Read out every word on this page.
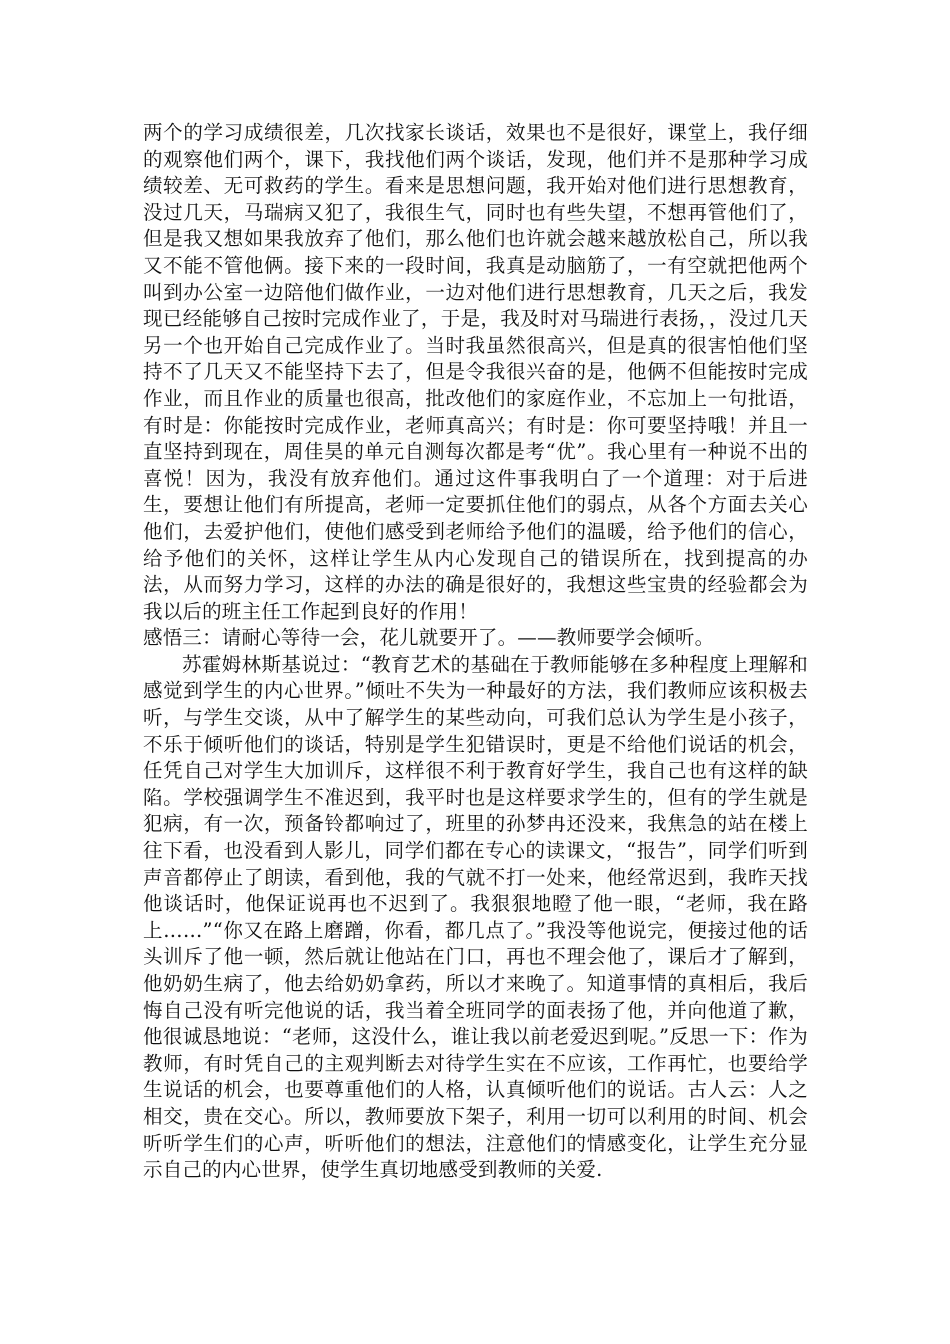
两个的学习成绩很差，几次找家长谈话，效果也不是很好，课堂上，我仔细的观察他们两个，课下，我找他们两个谈话，发现，他们并不是那种学习成绩较差、无可救药的学生。看来是思想问题，我开始对他们进行思想教育，没过几天，马瑞病又犯了，我很生气，同时也有些失望，不想再管他们了，但是我又想如果我放弃了他们，那么他们也许就会越来越放松自己，所以我又不能不管他俩。接下来的一段时间，我真是动脑筋了，一有空就把他两个叫到办公室一边陪他们做作业，一边对他们进行思想教育，几天之后，我发现已经能够自己按时完成作业了，于是，我及时对马瑞进行表扬，，没过几天另一个也开始自己完成作业了。当时我虽然很高兴，但是真的很害怕他们坚持不了几天又不能坚持下去了，但是令我很兴奋的是，他俩不但能按时完成作业，而且作业的质量也很高，批改他们的家庭作业，不忘加上一句批语，有时是：你能按时完成作业，老师真高兴；有时是：你可要坚持哦！并且一直坚持到现在，周佳昊的单元自测每次都是考“优”。我心里有一种说不出的喜悦！因为，我没有放弃他们。通过这件事我明白了一个道理：对于后进生，要想让他们有所提高，老师一定要抓住他们的弱点，从各个方面去关心他们，去爱护他们，使他们感受到老师给予他们的温暖，给予他们的信心，给予他们的关怀，这样让学生从内心发现自己的错误所在，找到提高的办法，从而努力学习，这样的办法的确是很好的，我想这些宝贵的经验都会为我以后的班主任工作起到良好的作用！

感悟三：请耐心等待一会，花儿就要开了。——教师要学会倾听。

苏霍姆林斯基说过：“教育艺术的基础在于教师能够在多种程度上理解和感觉到学生的内心世界。”倾吐不失为一种最好的方法，我们教师应该积极去听，与学生交谈，从中了解学生的某些动向，可我们总认为学生是小孩子，不乐于倾听他们的谈话，特别是学生犯错误时，更是不给他们说话的机会，任凭自己对学生大加训斥，这样很不利于教育好学生，我自己也有这样的缺陷。学校强调学生不准迟到，我平时也是这样要求学生的，但有的学生就是犯病，有一次，预备铃都响过了，班里的孙梦冉还没来，我焦急的站在楼上往下看，也没看到人影儿，同学们都在专心的读课文，“报告”，同学们听到声音都停止了朗读，看到他，我的气就不打一处来，他经常迟到，我昨天找他谈话时，他保证说再也不迟到了。我狠狠地瞪了他一眼，“老师，我在路上……”“你又在路上磨蹭，你看，都几点了。”我没等他说完，便接过他的话头训斥了他一顿，然后就让他站在门口，再也不理会他了，课后才了解到，他奶奶生病了，他去给奶奶拿药，所以才来晚了。知道事情的真相后，我后悔自己没有听完他说的话，我当着全班同学的面表扬了他，并向他道了歉，他很诚恳地说：“老师，这没什么，谁让我以前老爱迟到呢。”反思一下：作为教师，有时凭自己的主观判断去对待学生实在不应该，工作再忙，也要给学生说话的机会，也要尊重他们的人格，认真倾听他们的说话。古人云：人之相交，贵在交心。所以，教师要放下架子，利用一切可以利用的时间、机会听听学生们的心声，听听他们的想法，注意他们的情感变化，让学生充分显示自己的内心世界，使学生真切地感受到教师的关爱.
